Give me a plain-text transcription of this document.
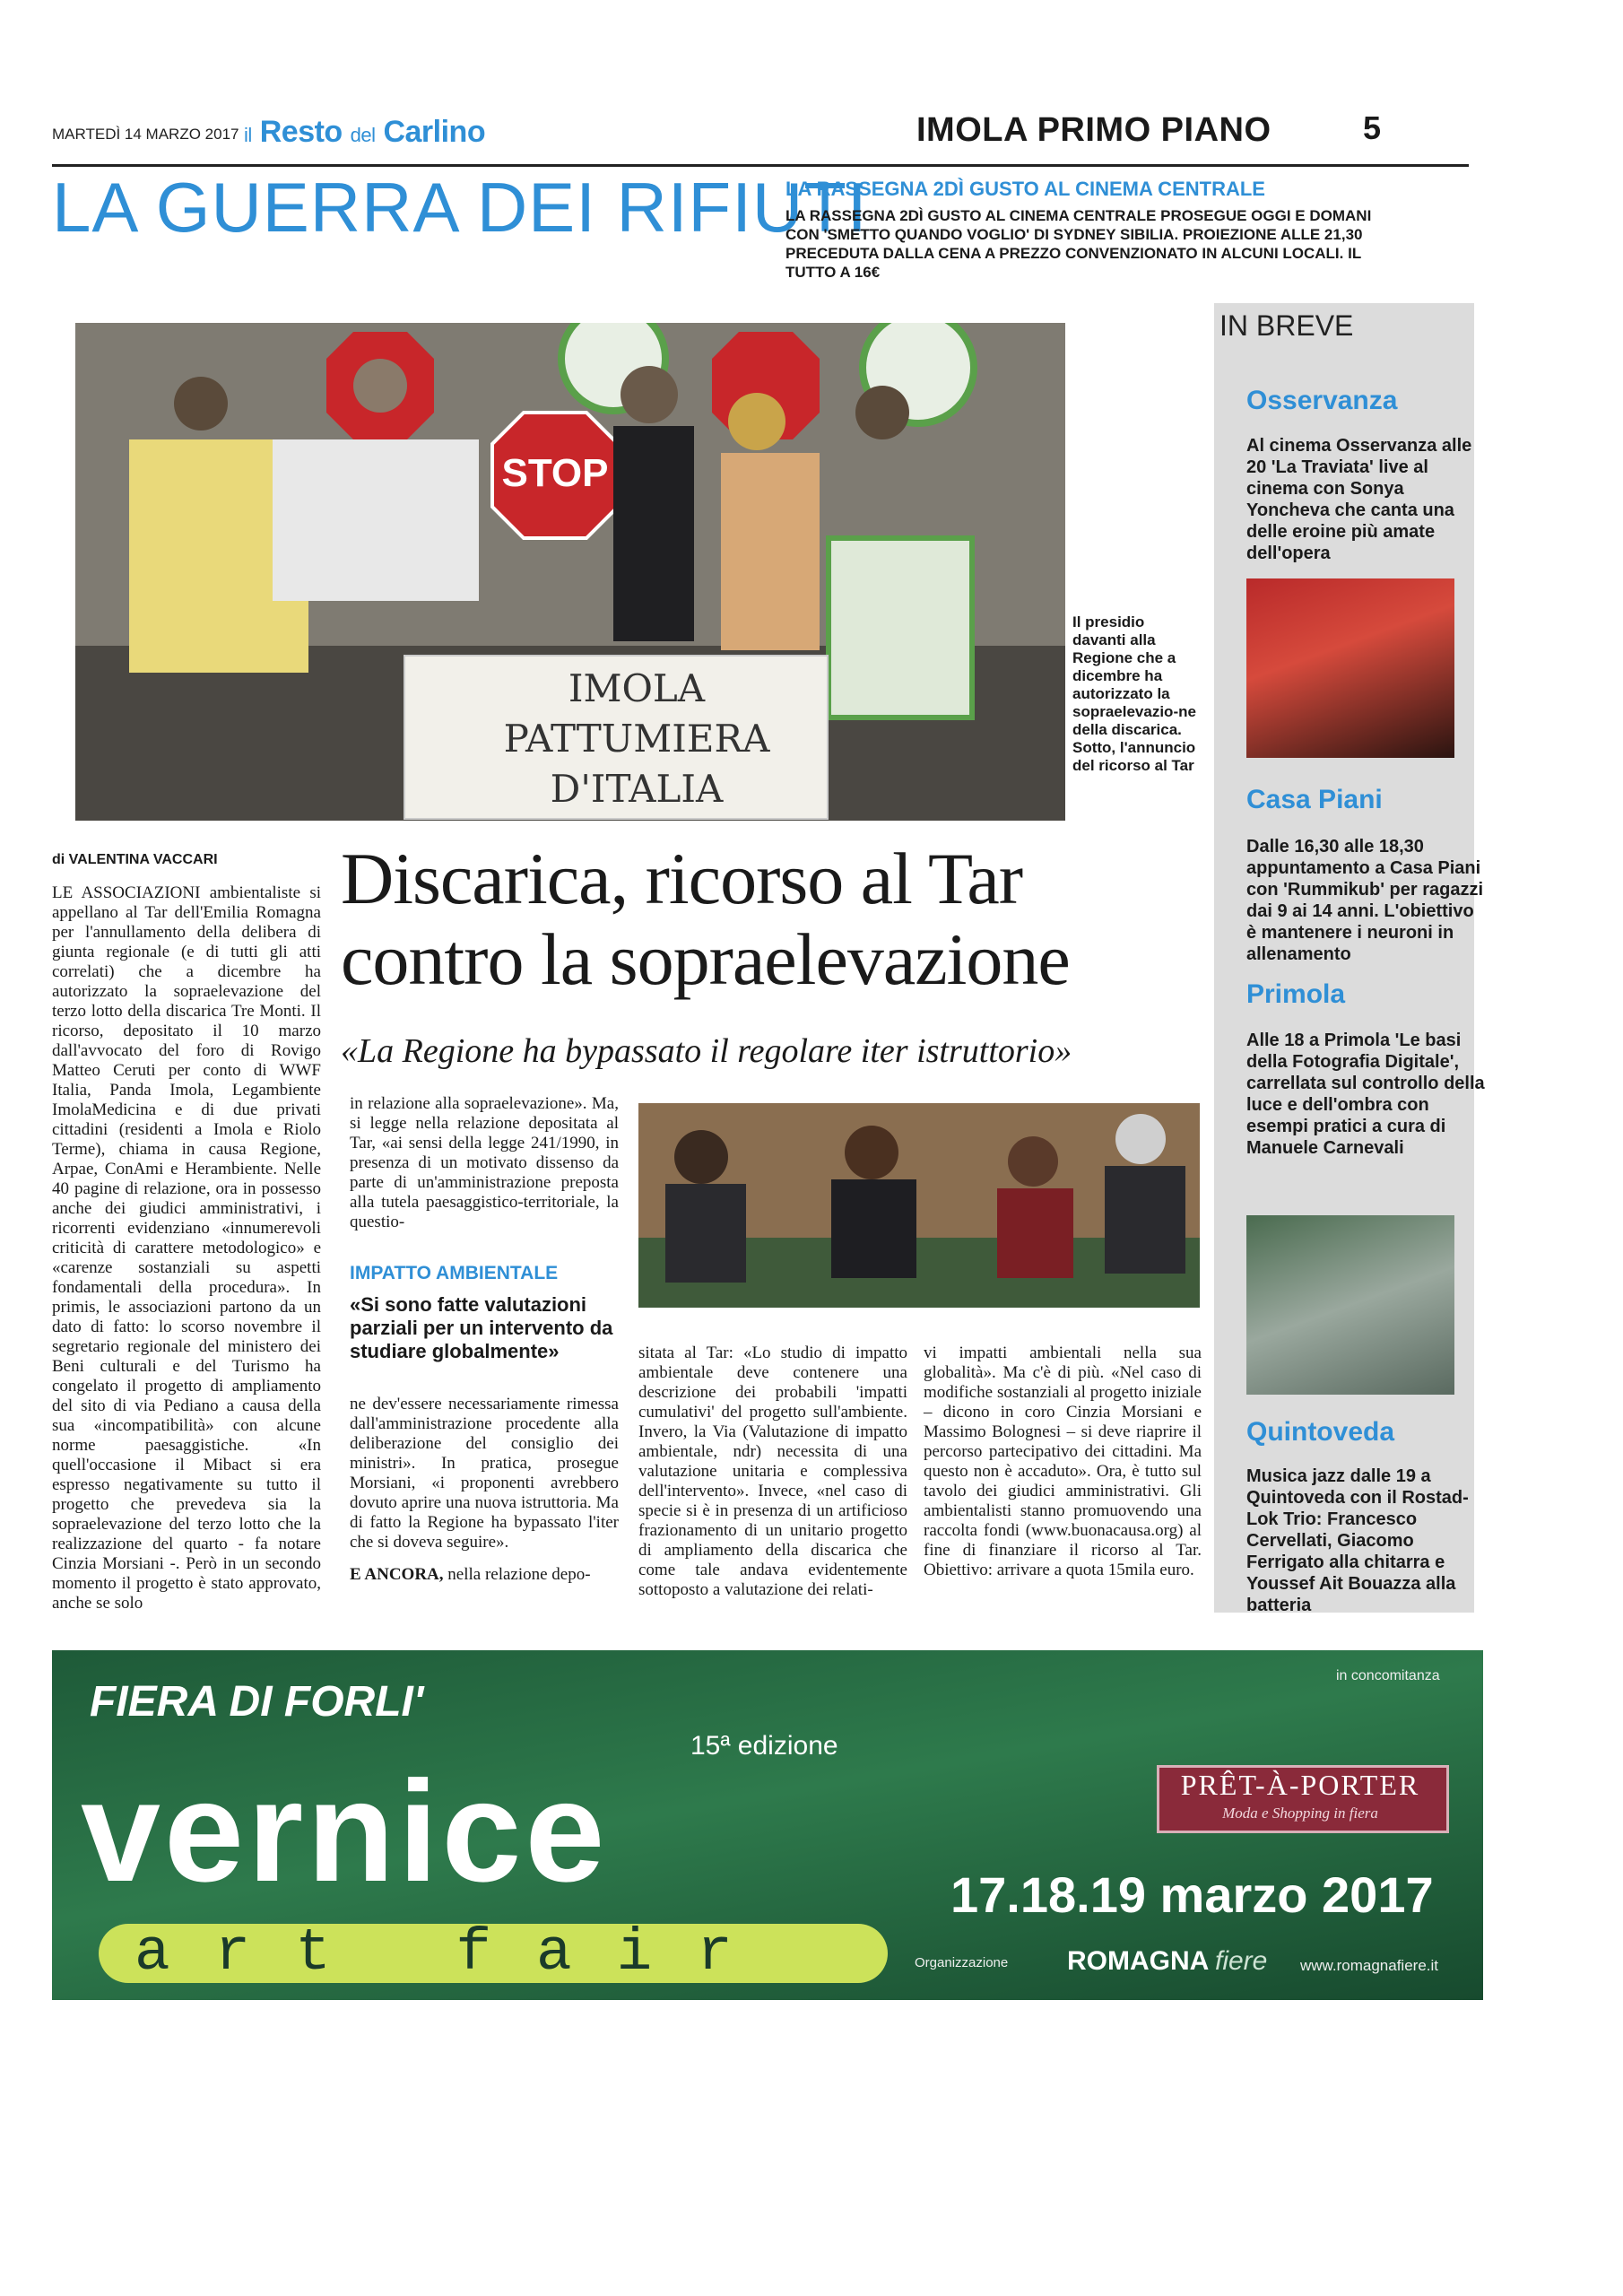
MARTEDÌ 14 MARZO 2017 il Resto del Carlino	IMOLA PRIMO PIANO	5
LA GUERRA DEI RIFIUTI
LA RASSEGNA 2DÌ GUSTO AL CINEMA CENTRALE
LA RASSEGNA 2DÌ GUSTO AL CINEMA CENTRALE PROSEGUE OGGI E DOMANI CON 'SMETTO QUANDO VOGLIO' DI SYDNEY SIBILIA. PROIEZIONE ALLE 21,30 PRECEDUTA DALLA CENA A PREZZO CONVENZIONATO IN ALCUNI LOCALI. IL TUTTO A 16€
STOP
IMOLA
PATTUMIERA
D'ITALIA
Il presidio davanti alla Regione che a dicembre ha autorizzato la sopraelevazio-ne della discarica. Sotto, l'annuncio del ricorso al Tar
di VALENTINA VACCARI Discarica, ricorso al Tar contro la sopraelevazione
«La Regione ha bypassato il regolare iter istruttorio»
LE ASSOCIAZIONI ambientaliste si appellano al Tar dell'Emilia Romagna per l'annullamento della delibera di giunta regionale (e di tutti gli atti correlati) che a dicembre ha autorizzato la sopraelevazione del terzo lotto della discarica Tre Monti. Il ricorso, depositato il 10 marzo dall'avvocato del foro di Rovigo Matteo Ceruti per conto di WWF Italia, Panda Imola, Legambiente ImolaMedicina e di due privati cittadini (residenti a Imola e Riolo Terme), chiama in causa Regione, Arpae, ConAmi e Herambiente. Nelle 40 pagine di relazione, ora in possesso anche dei giudici amministrativi, i ricorrenti evidenziano «innumerevoli criticità di carattere metodologico» e «carenze sostanziali su aspetti fondamentali della procedura». In primis, le associazioni partono da un dato di fatto: lo scorso novembre il segretario regionale del ministero dei Beni culturali e del Turismo ha congelato il progetto di ampliamento del sito di via Pediano a causa della sua «incompatibilità» con alcune norme paesaggistiche. «In quell'occasione il Mibact si era espresso negativamente su tutto il progetto che prevedeva sia la sopraelevazione del terzo lotto che la realizzazione del quarto - fa notare Cinzia Morsiani -. Però in un secondo momento il progetto è stato approvato, anche se solo
in relazione alla sopraelevazione». Ma, si legge nella relazione depositata al Tar, «ai sensi della legge 241/1990, in presenza di un motivato dissenso da parte di un'amministrazione preposta alla tutela paesaggistico-territoriale, la questio-
IMPATTO AMBIENTALE
«Si sono fatte valutazioni parziali per un intervento da studiare globalmente»
ne dev'essere necessariamente rimessa dall'amministrazione procedente alla deliberazione del consiglio dei ministri». In pratica, prosegue Morsiani, «i proponenti avrebbero dovuto aprire una nuova istruttoria. Ma di fatto la Regione ha bypassato l'iter che si doveva seguire».
E ANCORA, nella relazione depo-
sitata al Tar: «Lo studio di impatto ambientale deve contenere una descrizione dei probabili 'impatti cumulativi' del progetto sull'ambiente. Invero, la Via (Valutazione di impatto ambientale, ndr) necessita di una valutazione unitaria e complessiva dell'intervento». Invece, «nel caso di specie si è in presenza di un artificioso frazionamento di un unitario progetto di ampliamento della discarica che come tale andava evidentemente sottoposto a valutazione dei relati-
vi impatti ambientali nella sua globalità». Ma c'è di più. «Nel caso di modifiche sostanziali al progetto iniziale – dicono in coro Cinzia Morsiani e Massimo Bolognesi – si deve riaprire il percorso partecipativo dei cittadini. Ma questo non è accaduto». Ora, è tutto sul tavolo dei giudici amministrativi. Gli ambientalisti stanno promuovendo una raccolta fondi (www.buonacausa.org) al fine di finanziare il ricorso al Tar. Obiettivo: arrivare a quota 15mila euro.
IN BREVE
Osservanza
Al cinema Osservanza alle 20 'La Traviata' live al cinema con Sonya Yoncheva che canta una delle eroine più amate dell'opera
Casa Piani
Dalle 16,30 alle 18,30 appuntamento a Casa Piani con 'Rummikub' per ragazzi dai 9 ai 14 anni. L'obiettivo è mantenere i neuroni in allenamento
Primola
Alle 18 a Primola 'Le basi della Fotografia Digitale', carrellata sul controllo della luce e dell'ombra con esempi pratici a cura di Manuele Carnevali
Quintoveda
Musica jazz dalle 19 a Quintoveda con il Rostad-Lok Trio: Francesco Cervellati, Giacomo Ferrigato alla chitarra e Youssef Ait Bouazza alla batteria
FIERA DI FORLI'
15ª edizione
vernice
art fair
in concomitanza
PRÊT-À-PORTER
Moda e Shopping in fiera
17.18.19 marzo 2017
Organizzazione ROMAGNA fiere www.romagnafiere.it
